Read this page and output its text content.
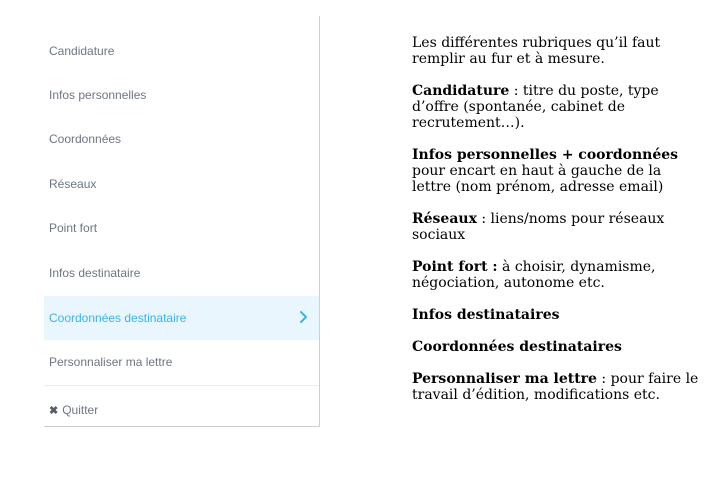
Candidature
Infos personnelles
Coordonnées
Réseaux
Point fort
Infos destinataire
Coordonnées destinataire
Personnaliser ma lettre
✖ Quitter

Les différentes rubriques qu’il faut remplir au fur et à mesure.

Candidature : titre du poste, type d’offre (spontanée, cabinet de recrutement…).

Infos personnelles + coordonnées pour encart en haut à gauche de la lettre (nom prénom, adresse email)

Réseaux : liens/noms pour réseaux sociaux

Point fort : à choisir, dynamisme, négociation, autonome etc.

Infos destinataires

Coordonnées destinataires

Personnaliser ma lettre : pour faire le travail d’édition, modifications etc.
